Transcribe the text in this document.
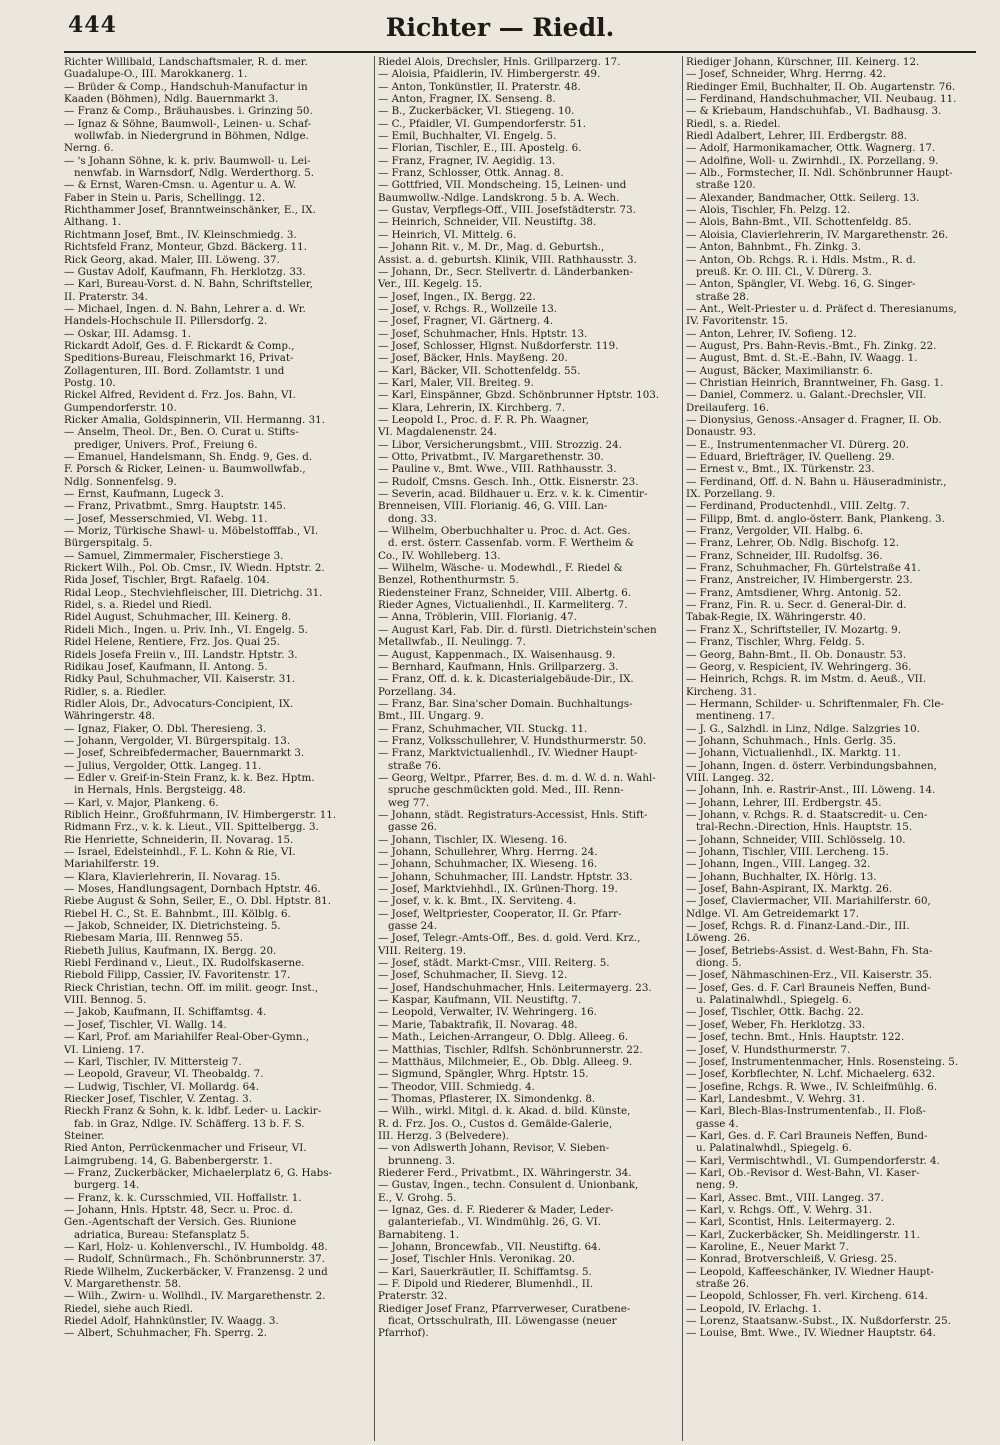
444	Richter — Riedl.
Richter Willibald, Landschaftsmaler, R. d. mer.
Guadalupe-O., III. Marokkanerg. 1.
— Brüder & Comp., Handschuh-Manufactur in
Kaaden (Böhmen), Ndlg. Bauernmarkt 3.
— Franz & Comp., Bräuhausbes. i. Grinzing 50.
— Ignaz & Söhne, Baumwoll-, Leinen- u. Schaf-
wollwfab. in Niedergrund in Böhmen, Ndlge.
Nerng. 6.
— 's Johann Söhne, k. k. priv. Baumwoll- u. Lei-
nenwfab. in Warnsdorf, Ndlg. Werderthorg. 5.
— & Ernst, Waren-Cmsn. u. Agentur u. A. W.
Faber in Stein u. Paris, Schellingg. 12.
Richthammer Josef, Branntweinschänker, E., IX.
Althang. 1.
Richtmann Josef, Bmt., IV. Kleinschmiedg. 3.
Richtsfeld Franz, Monteur, Gbzd. Bäckerg. 11.
Rick Georg, akad. Maler, III. Löweng. 37.
— Gustav Adolf, Kaufmann, Fh. Herklotzg. 33.
— Karl, Bureau-Vorst. d. N. Bahn, Schriftsteller,
II. Praterstr. 34.
— Michael, Ingen. d. N. Bahn, Lehrer a. d. Wr.
Handels-Hochschule II. Pillersdorfg. 2.
— Oskar, III. Adamsg. 1.
Rickardt Adolf, Ges. d. F. Rickardt & Comp.,
Speditions-Bureau, Fleischmarkt 16, Privat-
Zollagenturen, III. Bord. Zollamtstr. 1 und
Postg. 10.
Rickel Alfred, Revident d. Frz. Jos. Bahn, VI.
Gumpendorferstr. 10.
Ricker Amalia, Goldspinnerin, VII. Hermanng. 31.
— Anselm, Theol. Dr., Ben. O. Curat u. Stifts-
prediger, Univers. Prof., Freiung 6.
— Emanuel, Handelsmann, Sh. Endg. 9, Ges. d.
F. Porsch & Ricker, Leinen- u. Baumwollwfab.,
Ndlg. Sonnenfelsg. 9.
— Ernst, Kaufmann, Lugeck 3.
— Franz, Privatbmt., Smrg. Hauptstr. 145.
— Josef, Messerschmied, VI. Webg. 11.
— Moriz, Türkische Shawl- u. Möbelstofffab., VI.
Bürgerspitalg. 5.
— Samuel, Zimmermaler, Fischerstiege 3.
Rickert Wilh., Pol. Ob. Cmsr., IV. Wiedn. Hptstr. 2.
Rida Josef, Tischler, Brgt. Rafaelg. 104.
Ridal Leop., Stechviehfleischer, III. Dietrichg. 31.
Ridel, s. a. Riedel und Riedl.
Ridel August, Schuhmacher, III. Keinerg. 8.
Rideli Mich., Ingen. u. Priv. Inh., VI. Engelg. 5.
Ridel Helene, Rentiere, Frz. Jos. Quai 25.
Ridels Josefa Freiin v., III. Landstr. Hptstr. 3.
Ridikau Josef, Kaufmann, II. Antong. 5.
Ridky Paul, Schuhmacher, VII. Kaiserstr. 31.
Ridler, s. a. Riedler.
Ridler Alois, Dr., Advocaturs-Concipient, IX.
Währingerstr. 48.
— Ignaz, Fiaker, O. Dbl. Theresieng. 3.
— Johann, Vergolder, VI. Bürgerspitalg. 13.
— Josef, Schreibfedermacher, Bauernmarkt 3.
— Julius, Vergolder, Ottk. Langeg. 11.
— Edler v. Greif-in-Stein Franz, k. k. Bez. Hptm.
in Hernals, Hnls. Bergsteigg. 48.
— Karl, v. Major, Plankeng. 6.
Riblich Heinr., Großfuhrmann, IV. Himbergerstr. 11.
Ridmann Frz., v. k. k. Lieut., VII. Spittelbergg. 3.
Rie Henriette, Schneiderin, II. Novarag. 15.
— Israel, Edelsteinhdl., F. L. Kohn & Rie, VI.
Mariahilferstr. 19.
— Klara, Klavierlehrerin, II. Novarag. 15.
— Moses, Handlungsagent, Dornbach Hptstr. 46.
Riebe August & Sohn, Seiler, E., O. Dbl. Hptstr. 81.
Riebel H. C., St. E. Bahnbmt., III. Kölblg. 6.
— Jakob, Schneider, IX. Dietrichsteing. 5.
Riebesam Maria, III. Rennweg 55.
Riebeth Julius, Kaufmann, IX. Bergg. 20.
Riebl Ferdinand v., Lieut., IX. Rudolfskaserne.
Riebold Filipp, Cassier, IV. Favoritenstr. 17.
Rieck Christian, techn. Off. im milit. geogr. Inst.,
VIII. Bennog. 5.
— Jakob, Kaufmann, II. Schiffamtsg. 4.
— Josef, Tischler, VI. Wallg. 14.
— Karl, Prof. am Mariahilfer Real-Ober-Gymn.,
VI. Linieng. 17.
— Karl, Tischler, IV. Mittersteig 7.
— Leopold, Graveur, VI. Theobaldg. 7.
— Ludwig, Tischler, VI. Mollardg. 64.
Riecker Josef, Tischler, V. Zentag. 3.
Rieckh Franz & Sohn, k. k. ldbf. Leder- u. Lackir-
fab. in Graz, Ndlge. IV. Schäfferg. 13 b. F. S.
Steiner.
Ried Anton, Perrückenmacher und Friseur, VI.
Laimgrubeng. 14, G. Babenbergerstr. 1.
— Franz, Zuckerbäcker, Michaelerplatz 6, G. Habs-
burgerg. 14.
— Franz, k. k. Cursschmied, VII. Hoffallstr. 1.
— Johann, Hnls. Hptstr. 48, Secr. u. Proc. d.
Gen.-Agentschaft der Versich. Ges. Riunione
adriatica, Bureau: Stefansplatz 5.
— Karl, Holz- u. Kohlenverschl., IV. Humboldg. 48.
— Rudolf, Schnürmach., Fh. Schönbrunnerstr. 37.
Riede Wilhelm, Zuckerbäcker, V. Franzensg. 2 und
V. Margarethenstr. 58.
— Wilh., Zwirn- u. Wollhdl., IV. Margarethenstr. 2.
Riedel, siehe auch Riedl.
Riedel Adolf, Hahnkünstler, IV. Waagg. 3.
— Albert, Schuhmacher, Fh. Sperrg. 2.
Riedel Alois, Drechsler, Hnls. Grillparzerg. 17.
— Aloisia, Pfaidlerin, IV. Himbergerstr. 49.
— Anton, Tonkünstler, II. Praterstr. 48.
— Anton, Fragner, IX. Senseng. 8.
— B., Zuckerbäcker, VI. Stiegeng. 10.
— C., Pfaidler, VI. Gumpendorferstr. 51.
— Emil, Buchhalter, VI. Engelg. 5.
— Florian, Tischler, E., III. Apostelg. 6.
— Franz, Fragner, IV. Aegidig. 13.
— Franz, Schlosser, Ottk. Annag. 8.
— Gottfried, VII. Mondscheing. 15, Leinen- und
Baumwollw.-Ndlge. Landskrong. 5 b. A. Wech.
— Gustav, Verpflegs-Off., VIII. Josefstädterstr. 73.
— Heinrich, Schneider, VII. Neustiftg. 38.
— Heinrich, VI. Mittelg. 6.
— Johann Rit. v., M. Dr., Mag. d. Geburtsh.,
Assist. a. d. geburtsh. Klinik, VIII. Rathhausstr. 3.
— Johann, Dr., Secr. Stellvertr. d. Länderbanken-
Ver., III. Kegelg. 15.
— Josef, Ingen., IX. Bergg. 22.
— Josef, v. Rchgs. R., Wollzeile 13.
— Josef, Fragner, VI. Gärtnerg. 4.
— Josef, Schuhmacher, Hnls. Hptstr. 13.
— Josef, Schlosser, Hlgnst. Nußdorferstr. 119.
— Josef, Bäcker, Hnls. Mayßeng. 20.
— Karl, Bäcker, VII. Schottenfeldg. 55.
— Karl, Maler, VII. Breiteg. 9.
— Karl, Einspänner, Gbzd. Schönbrunner Hptstr. 103.
— Klara, Lehrerin, IX. Kirchberg. 7.
— Leopold I., Proc. d. F. R. Ph. Waagner,
VI. Magdalenenstr. 24.
— Libor, Versicherungsbmt., VIII. Strozzig. 24.
— Otto, Privatbmt., IV. Margarethenstr. 30.
— Pauline v., Bmt. Wwe., VIII. Rathhausstr. 3.
— Rudolf, Cmsns. Gesch. Inh., Ottk. Eisnerstr. 23.
— Severin, acad. Bildhauer u. Erz. v. k. k. Cimentir-
Brenneisen, VIII. Florianig. 46, G. VIII. Lan-
dong. 33.
— Wilhelm, Oberbuchhalter u. Proc. d. Act. Ges.
d. erst. österr. Cassenfab. vorm. F. Wertheim &
Co., IV. Wohlleberg. 13.
— Wilhelm, Wäsche- u. Modewhdl., F. Riedel &
Benzel, Rothenthurmstr. 5.
Riedensteiner Franz, Schneider, VIII. Albertg. 6.
Rieder Agnes, Victualienhdl., II. Karmeliterg. 7.
— Anna, Tröblerin, VIII. Florianig. 47.
— August Karl, Fab. Dir. d. fürstl. Dietrichstein'schen
Metallwfab., II. Neulingg. 7.
— August, Kappenmach., IX. Waisenhausg. 9.
— Bernhard, Kaufmann, Hnls. Grillparzerg. 3.
— Franz, Off. d. k. k. Dicasterialgebäude-Dir., IX.
Porzellang. 34.
— Franz, Bar. Sina'scher Domain. Buchhaltungs-
Bmt., III. Ungarg. 9.
— Franz, Schuhmacher, VII. Stuckg. 11.
— Franz, Volksschullehrer, V. Hundsthurmerstr. 50.
— Franz, Marktvictualienhdl., IV. Wiedner Haupt-
straße 76.
— Georg, Weltpr., Pfarrer, Bes. d. m. d. W. d. n. Wahl-
spruche geschmückten gold. Med., III. Renn-
weg 77.
— Johann, städt. Registraturs-Accessist, Hnls. Stift-
gasse 26.
— Johann, Tischler, IX. Wieseng. 16.
— Johann, Schullehrer, Whrg. Herrng. 24.
— Johann, Schuhmacher, IX. Wieseng. 16.
— Johann, Schuhmacher, III. Landstr. Hptstr. 33.
— Josef, Marktviehhdl., IX. Grünen-Thorg. 19.
— Josef, v. k. k. Bmt., IX. Serviteng. 4.
— Josef, Weltpriester, Cooperator, II. Gr. Pfarr-
gasse 24.
— Josef, Telegr.-Amts-Off., Bes. d. gold. Verd. Krz.,
VIII. Reiterg. 19.
— Josef, städt. Markt-Cmsr., VIII. Reiterg. 5.
— Josef, Schuhmacher, II. Sievg. 12.
— Josef, Handschuhmacher, Hnls. Leitermayerg. 23.
— Kaspar, Kaufmann, VII. Neustiftg. 7.
— Leopold, Verwalter, IV. Wehringerg. 16.
— Marie, Tabaktrafik, II. Novarag. 48.
— Math., Leichen-Arrangeur, O. Dblg. Alleeg. 6.
— Matthias, Tischler, Rdlfsh. Schönbrunnerstr. 22.
— Matthäus, Milchmeier, E., Ob. Dblg. Alleeg. 9.
— Sigmund, Spängler, Whrg. Hptstr. 15.
— Theodor, VIII. Schmiedg. 4.
— Thomas, Pflasterer, IX. Simondenkg. 8.
— Wilh., wirkl. Mitgl. d. k. Akad. d. bild. Künste,
R. d. Frz. Jos. O., Custos d. Gemälde-Galerie,
III. Herzg. 3 (Belvedere).
— von Adlswerth Johann, Revisor, V. Sieben-
brunneng. 3.
Riederer Ferd., Privatbmt., IX. Währingerstr. 34.
— Gustav, Ingen., techn. Consulent d. Unionbank,
E., V. Grohg. 5.
— Ignaz, Ges. d. F. Riederer & Mader, Leder-
galanteriefab., VI. Windmühlg. 26, G. VI.
Barnabiteng. 1.
— Johann, Broncewfab., VII. Neustiftg. 64.
— Josef, Tischler Hnls. Veronikag. 20.
— Karl, Sauerkräutler, II. Schiffamtsg. 5.
— F. Dipold und Riederer, Blumenhdl., II.
Praterstr. 32.
Riediger Josef Franz, Pfarrverweser, Curatbene-
ficat, Ortsschulrath, III. Löwengasse (neuer
Pfarrhof).
Riediger Johann, Kürschner, III. Keinerg. 12.
— Josef, Schneider, Whrg. Herrng. 42.
Riedinger Emil, Buchhalter, II. Ob. Augartenstr. 76.
— Ferdinand, Handschuhmacher, VII. Neubaug. 11.
— & Kriebaum, Handschuhfab., VI. Badhausg. 3.
Riedl, s. a. Riedel.
Riedl Adalbert, Lehrer, III. Erdbergstr. 88.
— Adolf, Harmonikamacher, Ottk. Wagnerg. 17.
— Adolfine, Woll- u. Zwirnhdl., IX. Porzellang. 9.
— Alb., Formstecher, II. Ndl. Schönbrunner Haupt-
straße 120.
— Alexander, Bandmacher, Ottk. Seilerg. 13.
— Alois, Tischler, Fh. Pelzg. 12.
— Alois, Bahn-Bmt., VII. Schottenfeldg. 85.
— Aloisia, Clavierlehrerin, IV. Margarethenstr. 26.
— Anton, Bahnbmt., Fh. Zinkg. 3.
— Anton, Ob. Rchgs. R. i. Hdls. Mstm., R. d.
preuß. Kr. O. III. Cl., V. Dürerg. 3.
— Anton, Spängler, VI. Webg. 16, G. Singer-
straße 28.
— Ant., Welt-Priester u. d. Präfect d. Theresianums,
IV. Favoritenstr. 15.
— Anton, Lehrer, IV. Sofieng. 12.
— August, Prs. Bahn-Revis.-Bmt., Fh. Zinkg. 22.
— August, Bmt. d. St.-E.-Bahn, IV. Waagg. 1.
— August, Bäcker, Maximilianstr. 6.
— Christian Heinrich, Branntweiner, Fh. Gasg. 1.
— Daniel, Commerz. u. Galant.-Drechsler, VII.
Dreilauferg. 16.
— Dionysius, Genoss.-Ansager d. Fragner, II. Ob.
Donaustr. 93.
— E., Instrumentenmacher VI. Dürerg. 20.
— Eduard, Briefträger, IV. Quelleng. 29.
— Ernest v., Bmt., IX. Türkenstr. 23.
— Ferdinand, Off. d. N. Bahn u. Häuseradministr.,
IX. Porzellang. 9.
— Ferdinand, Productenhdl., VIII. Zeltg. 7.
— Filipp, Bmt. d. anglo-österr. Bank, Plankeng. 3.
— Franz, Vergolder, VII. Halbg. 6.
— Franz, Lehrer, Ob. Ndlg. Bischofg. 12.
— Franz, Schneider, III. Rudolfsg. 36.
— Franz, Schuhmacher, Fh. Gürtelstraße 41.
— Franz, Anstreicher, IV. Himbergerstr. 23.
— Franz, Amtsdiener, Whrg. Antonig. 52.
— Franz, Fin. R. u. Secr. d. General-Dir. d.
Tabak-Regie, IX. Währingerstr. 40.
— Franz X., Schriftsteller, IV. Mozartg. 9.
— Franz, Tischler, Whrg. Feldg. 5.
— Georg, Bahn-Bmt., II. Ob. Donaustr. 53.
— Georg, v. Respicient, IV. Wehringerg. 36.
— Heinrich, Rchgs. R. im Mstm. d. Aeuß., VII.
Kircheng. 31.
— Hermann, Schilder- u. Schriftenmaler, Fh. Cle-
mentineng. 17.
— J. G., Salzhdl. in Linz, Ndlge. Salzgries 10.
— Johann, Schuhmach., Hnls. Gerlg. 35.
— Johann, Victualienhdl., IX. Marktg. 11.
— Johann, Ingen. d. österr. Verbindungsbahnen,
VIII. Langeg. 32.
— Johann, Inh. e. Rastrir-Anst., III. Löweng. 14.
— Johann, Lehrer, III. Erdbergstr. 45.
— Johann, v. Rchgs. R. d. Staatscredit- u. Cen-
tral-Rechn.-Direction, Hnls. Hauptstr. 15.
— Johann, Schneider, VIII. Schlösselg. 10.
— Johann, Tischler, VIII. Lercheng. 15.
— Johann, Ingen., VIII. Langeg. 32.
— Johann, Buchhalter, IX. Hörlg. 13.
— Josef, Bahn-Aspirant, IX. Marktg. 26.
— Josef, Claviermacher, VII. Mariahilferstr. 60,
Ndlge. VI. Am Getreidemarkt 17.
— Josef, Rchgs. R. d. Finanz-Land.-Dir., III.
Löweng. 26.
— Josef, Betriebs-Assist. d. West-Bahn, Fh. Sta-
diong. 5.
— Josef, Nähmaschinen-Erz., VII. Kaiserstr. 35.
— Josef, Ges. d. F. Carl Brauneis Neffen, Bund-
u. Palatinalwhdl., Spiegelg. 6.
— Josef, Tischler, Ottk. Bachg. 22.
— Josef, Weber, Fh. Herklotzg. 33.
— Josef, techn. Bmt., Hnls. Hauptstr. 122.
— Josef, V. Hundsthurmerstr. 7.
— Josef, Instrumentenmacher, Hnls. Rosensteing. 5.
— Josef, Korbflechter, N. Lchf. Michaelerg. 632.
— Josefine, Rchgs. R. Wwe., IV. Schleifmühlg. 6.
— Karl, Landesbmt., V. Wehrg. 31.
— Karl, Blech-Blas-Instrumentenfab., II. Floß-
gasse 4.
— Karl, Ges. d. F. Carl Brauneis Neffen, Bund-
u. Palatinalwhdl., Spiegelg. 6.
— Karl, Vermischtwhdl., VI. Gumpendorferstr. 4.
— Karl, Ob.-Revisor d. West-Bahn, VI. Kaser-
neng. 9.
— Karl, Assec. Bmt., VIII. Langeg. 37.
— Karl, v. Rchgs. Off., V. Wehrg. 31.
— Karl, Scontist, Hnls. Leitermayerg. 2.
— Karl, Zuckerbäcker, Sh. Meidlingerstr. 11.
— Karoline, E., Neuer Markt 7.
— Konrad, Brotverschleiß, V. Griesg. 25.
— Leopold, Kaffeeschänker, IV. Wiedner Haupt-
straße 26.
— Leopold, Schlosser, Fh. verl. Kircheng. 614.
— Leopold, IV. Erlachg. 1.
— Lorenz, Staatsanw.-Subst., IX. Nußdorferstr. 25.
— Louise, Bmt. Wwe., IV. Wiedner Hauptstr. 64.
